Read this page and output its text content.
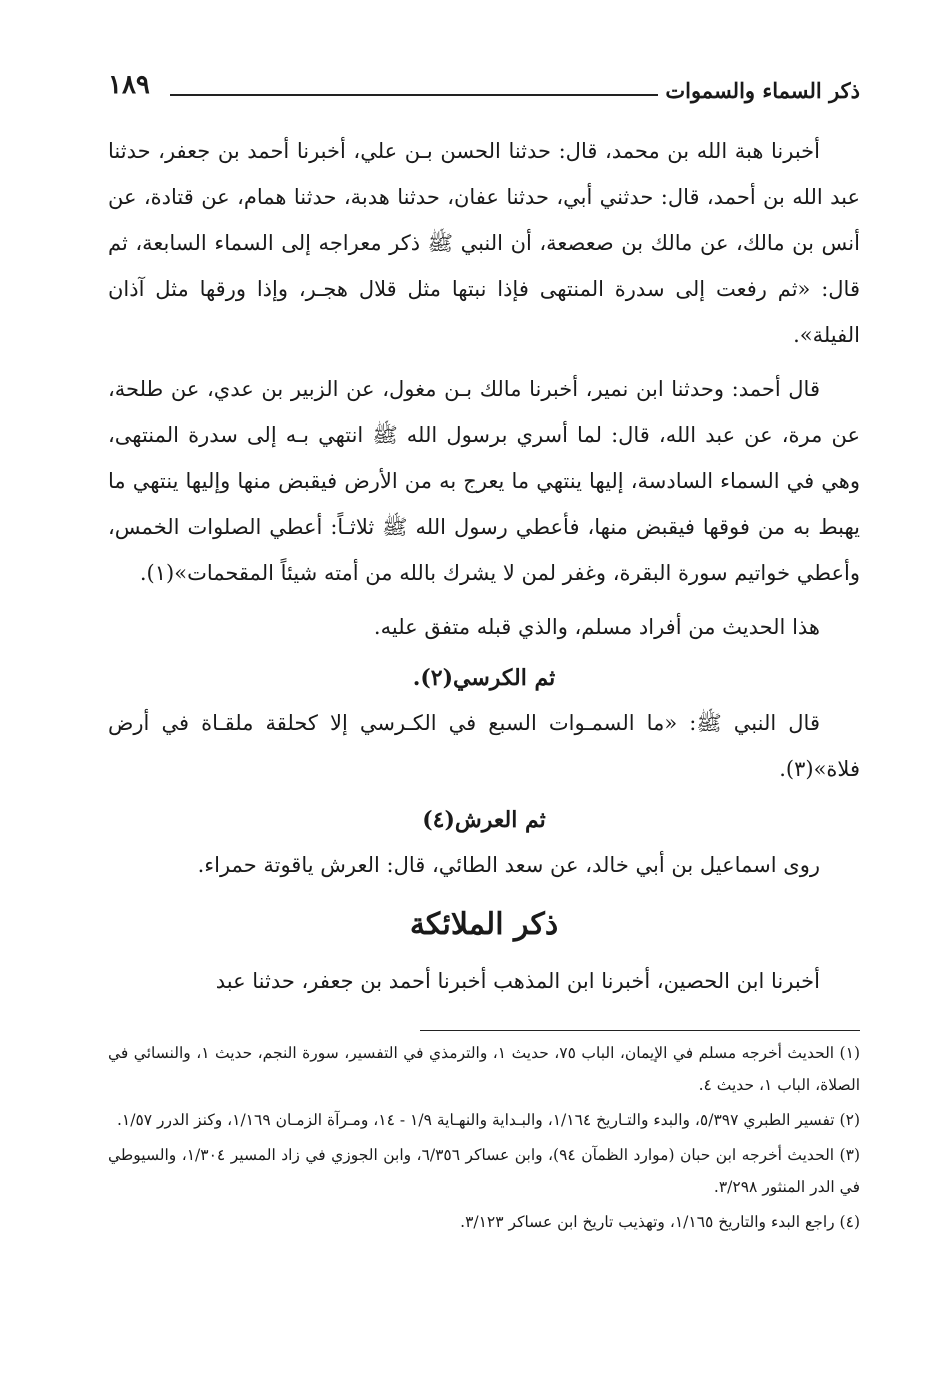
ذكر السماء والسموات
١٨٩

أخبرنا هبة الله بن محمد، قال: حدثنا الحسن بـن علي، أخبرنا أحمد بن جعفر، حدثنا عبد الله بن أحمد، قال: حدثني أبي، حدثنا عفان، حدثنا هدبة، حدثنا همام، عن قتادة، عن أنس بن مالك، عن مالك بن صعصعة، أن النبي ﷺ ذكر معراجه إلى السماء السابعة، ثم قال: «ثم رفعت إلى سدرة المنتهى فإذا نبتها مثل قلال هجـر، وإذا ورقها مثل آذان الفيلة».

قال أحمد: وحدثنا ابن نمير، أخبرنا مالك بـن مغول، عن الزبير بن عدي، عن طلحة، عن مرة، عن عبد الله، قال: لما أسري برسول الله ﷺ انتهي بـه إلى سدرة المنتهى، وهي في السماء السادسة، إليها ينتهي ما يعرج به من الأرض فيقبض منها وإليها ينتهي ما يهبط به من فوقها فيقبض منها، فأعطي رسول الله ﷺ ثلاثـاً: أعطي الصلوات الخمس، وأعطي خواتيم سورة البقرة، وغفر لمن لا يشرك بالله من أمته شيئاً المقحمات»(١).

هذا الحديث من أفراد مسلم، والذي قبله متفق عليه.

ثم الكرسي(٢).

قال النبي ﷺ: «ما السمـوات السبع في الكـرسي إلا كحلقة ملقـاة في أرض فلاة»(٣).

ثم العرش(٤)

روى اسماعيل بن أبي خالد، عن سعد الطائي، قال: العرش ياقوتة حمراء.

ذكر الملائكة

أخبرنا ابن الحصين، أخبرنا ابن المذهب أخبرنا أحمد بن جعفر، حدثنا عبد

(١) الحديث أخرجه مسلم في الإيمان، الباب ٧٥، حديث ١، والترمذي في التفسير، سورة النجم، حديث ١، والنسائي في الصلاة، الباب ١، حديث ٤.

(٢) تفسير الطبري ٥/٣٩٧، والبدء والتـاريخ ١/١٦٤، والبـداية والنهـاية ١/٩ - ١٤، ومـرآة الزمـان ١/١٦٩، وكنز الدرر ١/٥٧.

(٣) الحديث أخرجه ابن حبان (موارد الظمآن ٩٤)، وابن عساكر ٦/٣٥٦، وابن الجوزي في زاد المسير ١/٣٠٤، والسيوطي في الدر المنثور ٣/٢٩٨.

(٤) راجع البدء والتاريخ ١/١٦٥، وتهذيب تاريخ ابن عساكر ٣/١٢٣.
